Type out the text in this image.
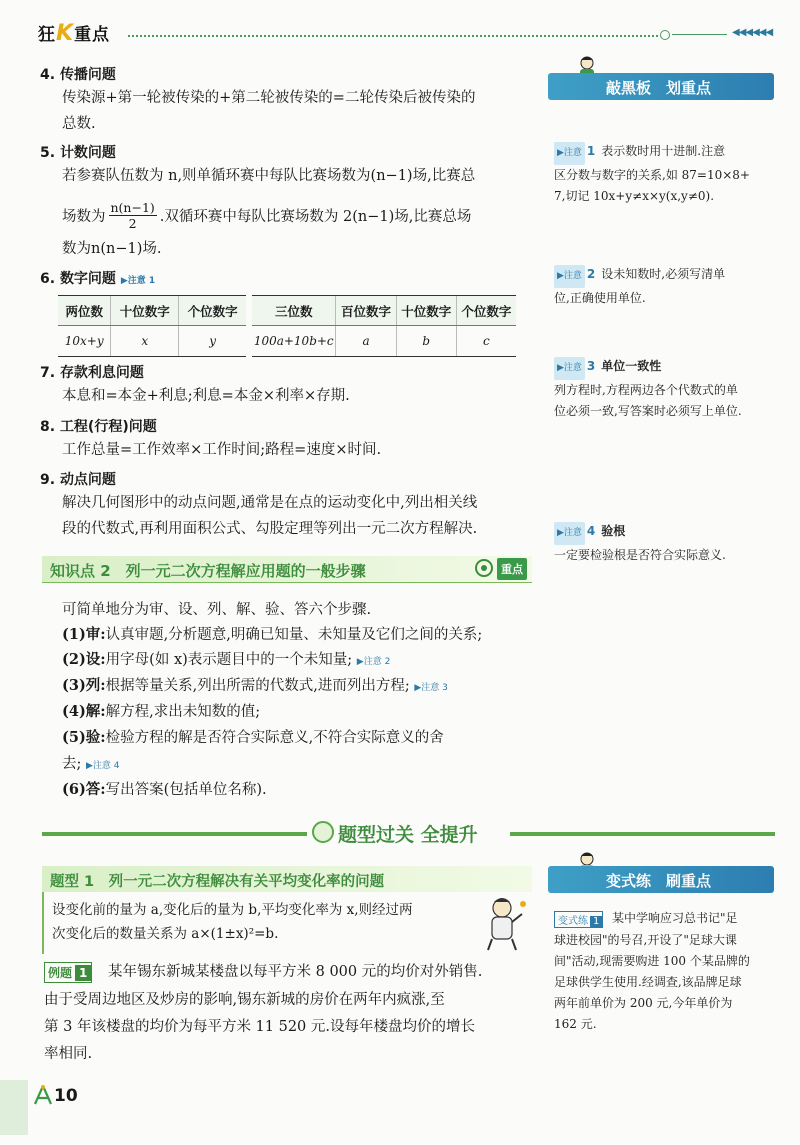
狂K重点	◀◀◀◀◀◀
4. 传播问题
传染源+第一轮被传染的+第二轮被传染的=二轮传染后被传染的
总数.
5. 计数问题
若参赛队伍数为 n,则单循环赛中每队比赛场数为(n−1)场,比赛总
场数为
n(n−1)
2 .双循环赛中每队比赛场数为 2(n−1)场,比赛总场
数为n(n−1)场.
6. 数字问题 ▶注意 1
两位数	十位数字	个位数字
10x+y	x	y
三位数	百位数字	十位数字	个位数字
100a+10b+c	a	b	c
7. 存款利息问题
本息和=本金+利息;利息=本金×利率×存期.
8. 工程(行程)问题
工作总量=工作效率×工作时间;路程=速度×时间.
9. 动点问题
解决几何图形中的动点问题,通常是在点的运动变化中,列出相关线
段的代数式,再利用面积公式、勾股定理等列出一元二次方程解决.
知识点 2　列一元二次方程解应用题的一般步骤	重点
可简单地分为审、设、列、解、验、答六个步骤.
(1)审:认真审题,分析题意,明确已知量、未知量及它们之间的关系;
(2)设:用字母(如 x)表示题目中的一个未知量; ▶注意 2
(3)列:根据等量关系,列出所需的代数式,进而列出方程; ▶注意 3
(4)解:解方程,求出未知数的值;
(5)验:检验方程的解是否符合实际意义,不符合实际意义的舍
去; ▶注意 4
(6)答:写出答案(包括单位名称).
题型过关 全提升
题型 1　列一元二次方程解决有关平均变化率的问题
设变化前的量为 a,变化后的量为 b,平均变化率为 x,则经过两
次变化后的数量关系为 a×(1±x)²=b.
例题 1	某年锡东新城某楼盘以每平方米 8 000 元的均价对外销售.
由于受周边地区及炒房的影响,锡东新城的房价在两年内疯涨,至
第 3 年该楼盘的均价为每平方米 11 520 元.设每年楼盘均价的增长
率相同.
敲黑板　划重点
▶注意 1 表示数时用十进制.注意
区分数与数字的关系,如 87=10×8+
7,切记 10x+y≠x×y(x,y≠0).
▶注意 2 设未知数时,必须写清单
位,正确使用单位.
▶注意 3 单位一致性
列方程时,方程两边各个代数式的单
位必须一致,写答案时必须写上单位.
▶注意 4 验根
一定要检验根是否符合实际意义.
变式练　刷重点
变式练 1	某中学响应习总书记"足
球进校园"的号召,开设了"足球大课
间"活动,现需要购进 100 个某品牌的
足球供学生使用.经调查,该品牌足球
两年前单价为 200 元,今年单价为
162 元.
10
